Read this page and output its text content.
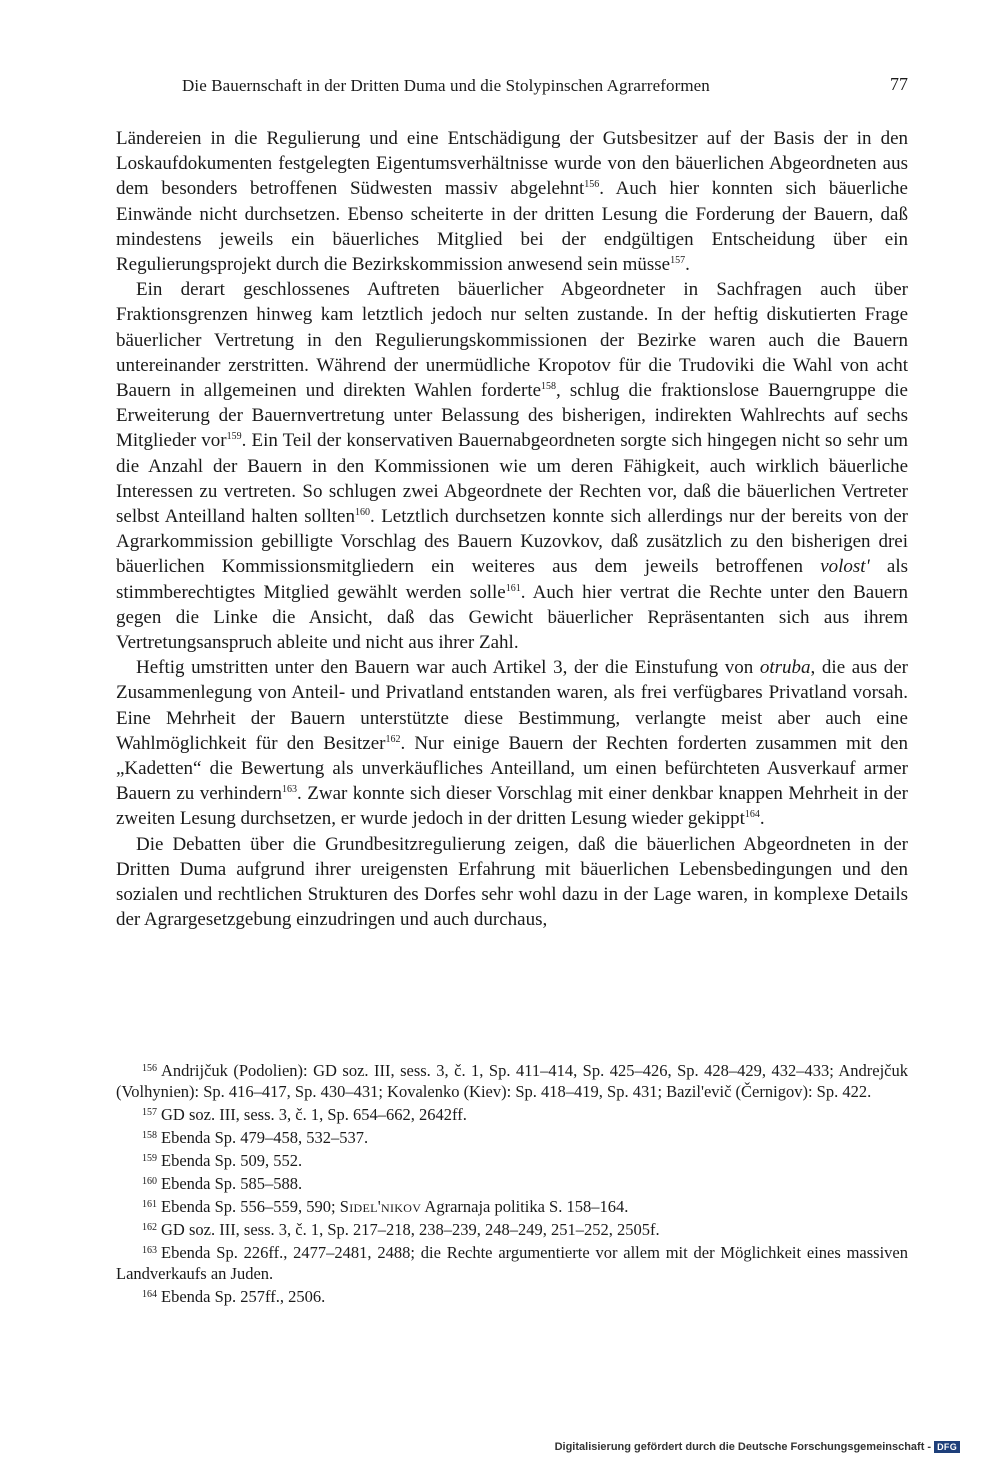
Die Bauernschaft in der Dritten Duma und die Stolypinschen Agrarreformen	77

Ländereien in die Regulierung und eine Entschädigung der Gutsbesitzer auf der Basis der in den Loskaufdokumenten festgelegten Eigentumsverhältnisse wurde von den bäuerlichen Abgeordneten aus dem besonders betroffenen Südwesten massiv abgelehnt$^{156}$. Auch hier konnten sich bäuerliche Einwände nicht durchsetzen. Ebenso scheiterte in der dritten Lesung die Forderung der Bauern, daß mindestens jeweils ein bäuerliches Mitglied bei der endgültigen Entscheidung über ein Regulierungsprojekt durch die Bezirkskommission anwesend sein müsse$^{157}$.

Ein derart geschlossenes Auftreten bäuerlicher Abgeordneter in Sachfragen auch über Fraktionsgrenzen hinweg kam letztlich jedoch nur selten zustande. In der heftig diskutierten Frage bäuerlicher Vertretung in den Regulierungskommissionen der Bezirke waren auch die Bauern untereinander zerstritten. Während der unermüdliche Kropotov für die Trudoviki die Wahl von acht Bauern in allgemeinen und direkten Wahlen forderte$^{158}$, schlug die fraktionslose Bauerngruppe die Erweiterung der Bauernvertretung unter Belassung des bisherigen, indirekten Wahlrechts auf sechs Mitglieder vor$^{159}$. Ein Teil der konservativen Bauernabgeordneten sorgte sich hingegen nicht so sehr um die Anzahl der Bauern in den Kommissionen wie um deren Fähigkeit, auch wirklich bäuerliche Interessen zu vertreten. So schlugen zwei Abgeordnete der Rechten vor, daß die bäuerlichen Vertreter selbst Anteilland halten sollten$^{160}$. Letztlich durchsetzen konnte sich allerdings nur der bereits von der Agrarkommission gebilligte Vorschlag des Bauern Kuzovkov, daß zusätzlich zu den bisherigen drei bäuerlichen Kommissionsmitgliedern ein weiteres aus dem jeweils betroffenen volost' als stimmberechtigtes Mitglied gewählt werden solle$^{161}$. Auch hier vertrat die Rechte unter den Bauern gegen die Linke die Ansicht, daß das Gewicht bäuerlicher Repräsentanten sich aus ihrem Vertretungsanspruch ableite und nicht aus ihrer Zahl.

Heftig umstritten unter den Bauern war auch Artikel 3, der die Einstufung von otruba, die aus der Zusammenlegung von Anteil- und Privatland entstanden waren, als frei verfügbares Privatland vorsah. Eine Mehrheit der Bauern unterstützte diese Bestimmung, verlangte meist aber auch eine Wahlmöglichkeit für den Besitzer$^{162}$. Nur einige Bauern der Rechten forderten zusammen mit den „Kadetten“ die Bewertung als unverkäufliches Anteilland, um einen befürchteten Ausverkauf armer Bauern zu verhindern$^{163}$. Zwar konnte sich dieser Vorschlag mit einer denkbar knappen Mehrheit in der zweiten Lesung durchsetzen, er wurde jedoch in der dritten Lesung wieder gekippt$^{164}$.

Die Debatten über die Grundbesitzregulierung zeigen, daß die bäuerlichen Abgeordneten in der Dritten Duma aufgrund ihrer ureigensten Erfahrung mit bäuerlichen Lebensbedingungen und den sozialen und rechtlichen Strukturen des Dorfes sehr wohl dazu in der Lage waren, in komplexe Details der Agrargesetzgebung einzudringen und auch durchaus,

$^{156}$ Andrijčuk (Podolien): GD soz. III, sess. 3, č. 1, Sp. 411–414, Sp. 425–426, Sp. 428–429, 432–433; Andrejčuk (Volhynien): Sp. 416–417, Sp. 430–431; Kovalenko (Kiev): Sp. 418–419, Sp. 431; Bazil'evič (Černigov): Sp. 422.

$^{157}$ GD soz. III, sess. 3, č. 1, Sp. 654–662, 2642ff.

$^{158}$ Ebenda Sp. 479–458, 532–537.

$^{159}$ Ebenda Sp. 509, 552.

$^{160}$ Ebenda Sp. 585–588.

$^{161}$ Ebenda Sp. 556–559, 590; Sidel'nikov Agrarnaja politika S. 158–164.

$^{162}$ GD soz. III, sess. 3, č. 1, Sp. 217–218, 238–239, 248–249, 251–252, 2505f.

$^{163}$ Ebenda Sp. 226ff., 2477–2481, 2488; die Rechte argumentierte vor allem mit der Möglichkeit eines massiven Landverkaufs an Juden.

$^{164}$ Ebenda Sp. 257ff., 2506.

Digitalisierung gefördert durch die Deutsche Forschungsgemeinschaft - DFG
